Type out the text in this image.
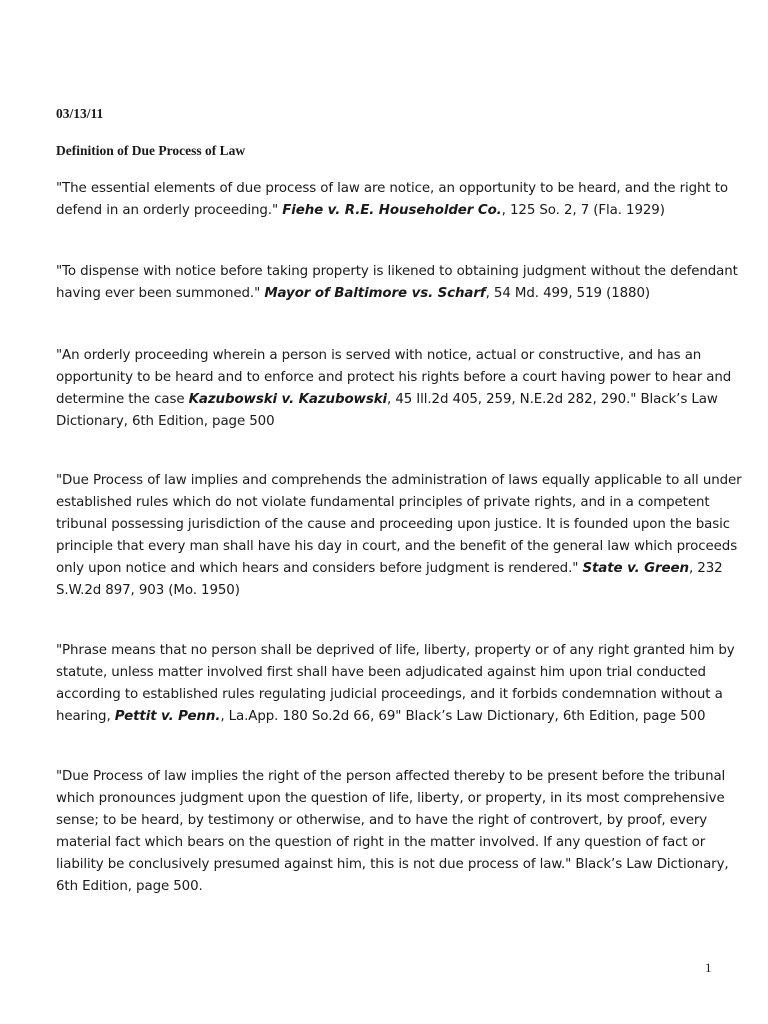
03/13/11
Definition of Due Process of Law

"The essential elements of due process of law are notice, an opportunity to be heard, and the right to defend in an orderly proceeding." Fiehe v. R.E. Householder Co., 125 So. 2, 7 (Fla. 1929)

"To dispense with notice before taking property is likened to obtaining judgment without the defendant having ever been summoned." Mayor of Baltimore vs. Scharf, 54 Md. 499, 519 (1880)

"An orderly proceeding wherein a person is served with notice, actual or constructive, and has an opportunity to be heard and to enforce and protect his rights before a court having power to hear and determine the case Kazubowski v. Kazubowski, 45 Ill.2d 405, 259, N.E.2d 282, 290." Black’s Law Dictionary, 6th Edition, page 500

"Due Process of law implies and comprehends the administration of laws equally applicable to all under established rules which do not violate fundamental principles of private rights, and in a competent tribunal possessing jurisdiction of the cause and proceeding upon justice. It is founded upon the basic principle that every man shall have his day in court, and the benefit of the general law which proceeds only upon notice and which hears and considers before judgment is rendered." State v. Green, 232 S.W.2d 897, 903 (Mo. 1950)

"Phrase means that no person shall be deprived of life, liberty, property or of any right granted him by statute, unless matter involved first shall have been adjudicated against him upon trial conducted according to established rules regulating judicial proceedings, and it forbids condemnation without a hearing, Pettit v. Penn., La.App. 180 So.2d 66, 69" Black’s Law Dictionary, 6th Edition, page 500

"Due Process of law implies the right of the person affected thereby to be present before the tribunal which pronounces judgment upon the question of life, liberty, or property, in its most comprehensive sense; to be heard, by testimony or otherwise, and to have the right of controvert, by proof, every material fact which bears on the question of right in the matter involved. If any question of fact or liability be conclusively presumed against him, this is not due process of law." Black’s Law Dictionary, 6th Edition, page 500.

1
